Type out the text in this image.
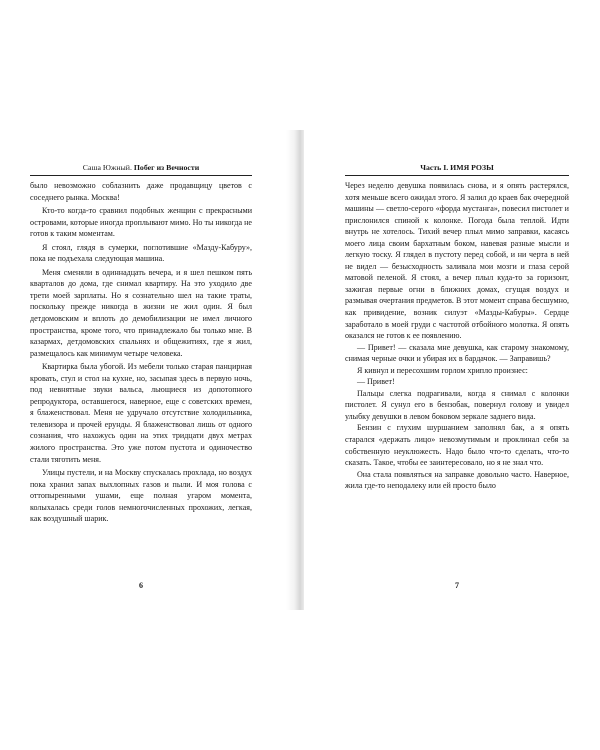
Саша Южный. Побег из Вечности

было невозможно соблазнить даже продавщицу цветов с соседнего рынка. Москва!

Кто-то когда-то сравнил подобных женщин с прекрасными островами, которые иногда проплывают мимо. Но ты никогда не готов к таким моментам.

Я стоял, глядя в сумерки, поглотившие «Мазду-Кабуру», пока не подъехала следующая машина.

Меня сменяли в одиннадцать вечера, и я шел пешком пять кварталов до дома, где снимал квартиру. На это уходило две трети моей зарплаты. Но я сознательно шел на такие траты, поскольку прежде никогда в жизни не жил один. Я был детдомовским и вплоть до демобилизации не имел личного пространства, кроме того, что принадлежало бы только мне. В казармах, детдомовских спальнях и общежитиях, где я жил, размещалось как минимум четыре человека.

Квартирка была убогой. Из мебели только старая панцирная кровать, стул и стол на кухне, но, засыпая здесь в первую ночь, под невнятные звуки вальса, льющиеся из допотопного репродуктора, оставшегося, наверное, еще с советских времен, я блаженствовал. Меня не удручало отсутствие холодильника, телевизора и прочей ерунды. Я блаженствовал лишь от одного сознания, что нахожусь один на этих тридцати двух метрах жилого пространства. Это уже потом пустота и одиночество стали тяготить меня.

Улицы пустели, и на Москву спускалась прохлада, но воздух пока хранил запах выхлопных газов и пыли. И моя голова с оттопыренными ушами, еще полная угаром момента, колыхалась среди голов немногочисленных прохожих, легкая, как воздушный шарик.

6
Часть I. ИМЯ РОЗЫ

Через неделю девушка появилась снова, и я опять растерялся, хотя меньше всего ожидал этого. Я залил до краев бак очередной машины — светло-серого «форда мустанга», повесил пистолет и прислонился спиной к колонке. Погода была теплой. Идти внутрь не хотелось. Тихий вечер плыл мимо заправки, касаясь моего лица своим бархатным боком, навевая разные мысли и легкую тоску. Я глядел в пустоту перед собой, и ни черта в ней не видел — безысходность заливала мои мозги и глаза серой матовой пеленой. Я стоял, а вечер плыл куда-то за горизонт, зажигая первые огни в ближних домах, сгущая воздух и размывая очертания предметов. В этот момент справа бесшумно, как привидение, возник силуэт «Мазды-Кабуры». Сердце заработало в моей груди с частотой отбойного молотка. Я опять оказался не готов к ее появлению.

— Привет! — сказала мне девушка, как старому знакомому, снимая черные очки и убирая их в бардачок. — Заправишь?

Я кивнул и пересохшим горлом хрипло произнес:

— Привет!

Пальцы слегка подрагивали, когда я снимал с колонки пистолет. Я сунул его в бензобак, повернул голову и увидел улыбку девушки в левом боковом зеркале заднего вида.

Бензин с глухим шуршанием заполнял бак, а я опять старался «держать лицо» невозмутимым и проклинал себя за собственную неуклюжесть. Надо было что-то сделать, что-то сказать. Такое, чтобы ее заинтересовало, но я не знал что.

Она стала появляться на заправке довольно часто. Наверное, жила где-то неподалеку или ей просто было

7
